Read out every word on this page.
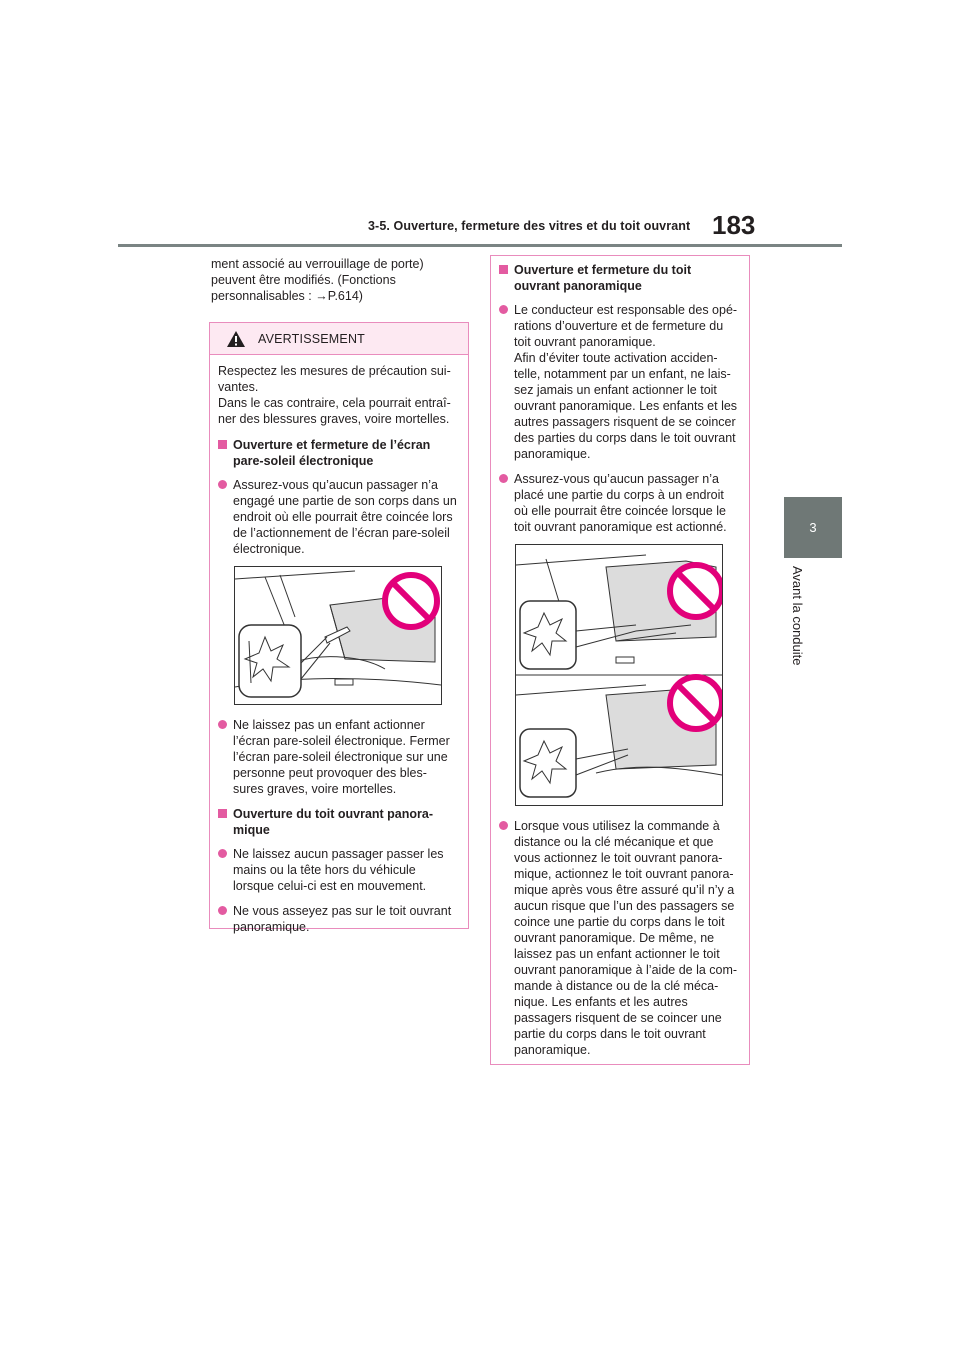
3-5. Ouverture, fermeture des vitres et du toit ouvrant 183
3
Avant la conduite
ment associé au verrouillage de porte)
peuvent être modifiés. (Fonctions
personnalisables : →P.614)
AVERTISSEMENT
Respectez les mesures de précaution sui-
vantes.
Dans le cas contraire, cela pourrait entraî-
ner des blessures graves, voire mortelles.
Ouverture et fermeture de l’écran
pare-soleil électronique
Assurez-vous qu’aucun passager n’a
engagé une partie de son corps dans un
endroit où elle pourrait être coincée lors
de l’actionnement de l’écran pare-soleil
électronique.
Ne laissez pas un enfant actionner
l’écran pare-soleil électronique. Fermer
l’écran pare-soleil électronique sur une
personne peut provoquer des bles-
sures graves, voire mortelles.
Ouverture du toit ouvrant panora-
mique
Ne laissez aucun passager passer les
mains ou la tête hors du véhicule
lorsque celui-ci est en mouvement.
Ne vous asseyez pas sur le toit ouvrant
panoramique.
Ouverture et fermeture du toit
ouvrant panoramique
Le conducteur est responsable des opé-
rations d’ouverture et de fermeture du
toit ouvrant panoramique.
Afin d’éviter toute activation acciden-
telle, notamment par un enfant, ne lais-
sez jamais un enfant actionner le toit
ouvrant panoramique. Les enfants et les
autres passagers risquent de se coincer
des parties du corps dans le toit ouvrant
panoramique.
Assurez-vous qu’aucun passager n’a
placé une partie du corps à un endroit
où elle pourrait être coincée lorsque le
toit ouvrant panoramique est actionné.
Lorsque vous utilisez la commande à
distance ou la clé mécanique et que
vous actionnez le toit ouvrant panora-
mique, actionnez le toit ouvrant panora-
mique après vous être assuré qu’il n’y a
aucun risque que l’un des passagers se
coince une partie du corps dans le toit
ouvrant panoramique. De même, ne
laissez pas un enfant actionner le toit
ouvrant panoramique à l’aide de la com-
mande à distance ou de la clé méca-
nique. Les enfants et les autres
passagers risquent de se coincer une
partie du corps dans le toit ouvrant
panoramique.
